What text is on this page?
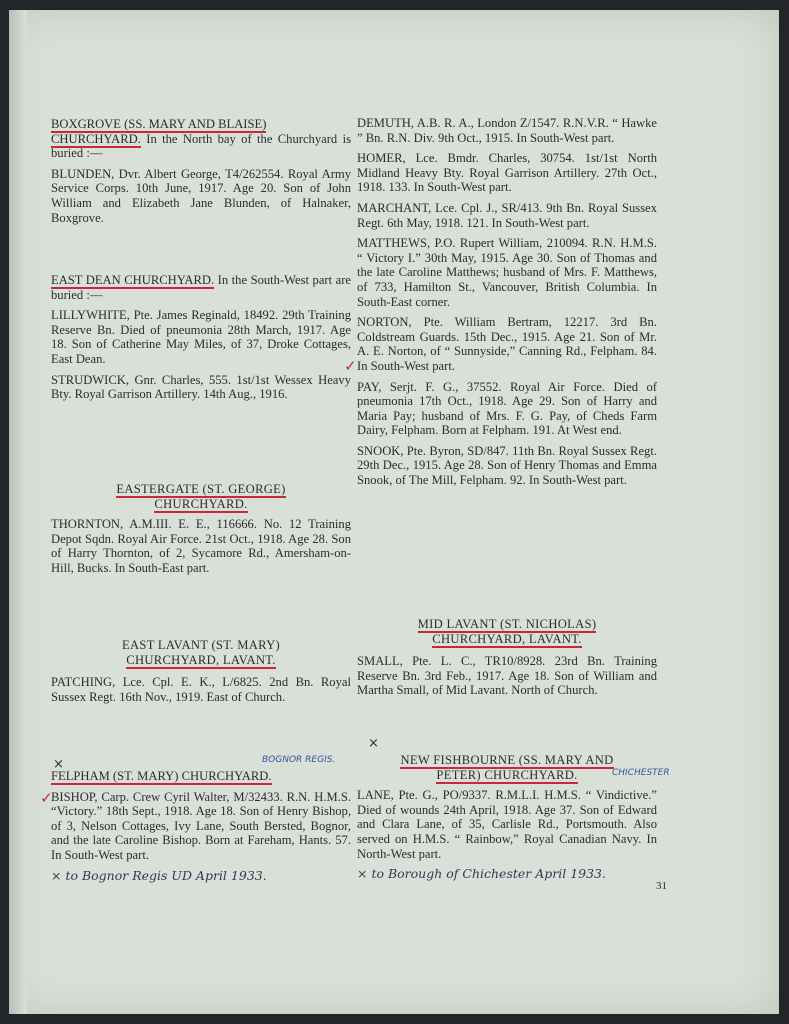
BOXGROVE (SS. MARY AND BLAISE)
CHURCHYARD. In the North bay of the Churchyard is buried :—

BLUNDEN, Dvr. Albert George, T4/262554. Royal Army Service Corps. 10th June, 1917. Age 20. Son of John William and Elizabeth Jane Blunden, of Halnaker, Boxgrove.

EAST DEAN CHURCHYARD. In the South-West part are buried :—

LILLYWHITE, Pte. James Reginald, 18492. 29th Training Reserve Bn. Died of pneumonia 28th March, 1917. Age 18. Son of Catherine May Miles, of 37, Droke Cottages, East Dean.

STRUDWICK, Gnr. Charles, 555. 1st/1st Wessex Heavy Bty. Royal Garrison Artillery. 14th Aug., 1916.

EASTERGATE (ST. GEORGE)
CHURCHYARD.

THORNTON, A.M.III. E. E., 116666. No. 12 Training Depot Sqdn. Royal Air Force. 21st Oct., 1918. Age 28. Son of Harry Thornton, of 2, Sycamore Rd., Amersham-on-Hill, Bucks. In South-East part.

EAST LAVANT (ST. MARY)
CHURCHYARD, LAVANT.

PATCHING, Lce. Cpl. E. K., L/6825. 2nd Bn. Royal Sussex Regt. 16th Nov., 1919. East of Church.

FELPHAM (ST. MARY) CHURCHYARD.

BISHOP, Carp. Crew Cyril Walter, M/32433. R.N. H.M.S. “Victory.” 18th Sept., 1918. Age 18. Son of Henry Bishop, of 3, Nelson Cottages, Ivy Lane, South Bersted, Bognor, and the late Caroline Bishop. Born at Fareham, Hants. 57. In South-West part.

× to Bognor Regis UD April 1933.

BOGNOR REGIS.
×
✓
✓
×

DEMUTH, A.B. R. A., London Z/1547. R.N.V.R. “ Hawke ” Bn. R.N. Div. 9th Oct., 1915. In South-West part.

HOMER, Lce. Bmdr. Charles, 30754. 1st/1st North Midland Heavy Bty. Royal Garrison Artillery. 27th Oct., 1918. 133. In South-West part.

MARCHANT, Lce. Cpl. J., SR/413. 9th Bn. Royal Sussex Regt. 6th May, 1918. 121. In South-West part.

MATTHEWS, P.O. Rupert William, 210094. R.N. H.M.S. “ Victory I.” 30th May, 1915. Age 30. Son of Thomas and the late Caroline Matthews; husband of Mrs. F. Matthews, of 733, Hamilton St., Vancouver, British Columbia. In South-East corner.

NORTON, Pte. William Bertram, 12217. 3rd Bn. Coldstream Guards. 15th Dec., 1915. Age 21. Son of Mr. A. E. Norton, of “ Sunnyside,” Canning Rd., Felpham. 84. In South-West part.

PAY, Serjt. F. G., 37552. Royal Air Force. Died of pneumonia 17th Oct., 1918. Age 29. Son of Harry and Maria Pay; husband of Mrs. F. G. Pay, of Cheds Farm Dairy, Felpham. Born at Felpham. 191. At West end.

SNOOK, Pte. Byron, SD/847. 11th Bn. Royal Sussex Regt. 29th Dec., 1915. Age 28. Son of Henry Thomas and Emma Snook, of The Mill, Felpham. 92. In South-West part.

MID LAVANT (ST. NICHOLAS)
CHURCHYARD, LAVANT.

SMALL, Pte. L. C., TR10/8928. 23rd Bn. Training Reserve Bn. 3rd Feb., 1917. Age 18. Son of William and Martha Small, of Mid Lavant. North of Church.

NEW FISHBOURNE (SS. MARY AND
PETER) CHURCHYARD.

LANE, Pte. G., PO/9337. R.M.L.I. H.M.S. “ Vindictive.” Died of wounds 24th April, 1918. Age 37. Son of Edward and Clara Lane, of 35, Carlisle Rd., Portsmouth. Also served on H.M.S. “ Rainbow,” Royal Canadian Navy. In North-West part.

× to Borough of Chichester April 1933.

CHICHESTER
31
